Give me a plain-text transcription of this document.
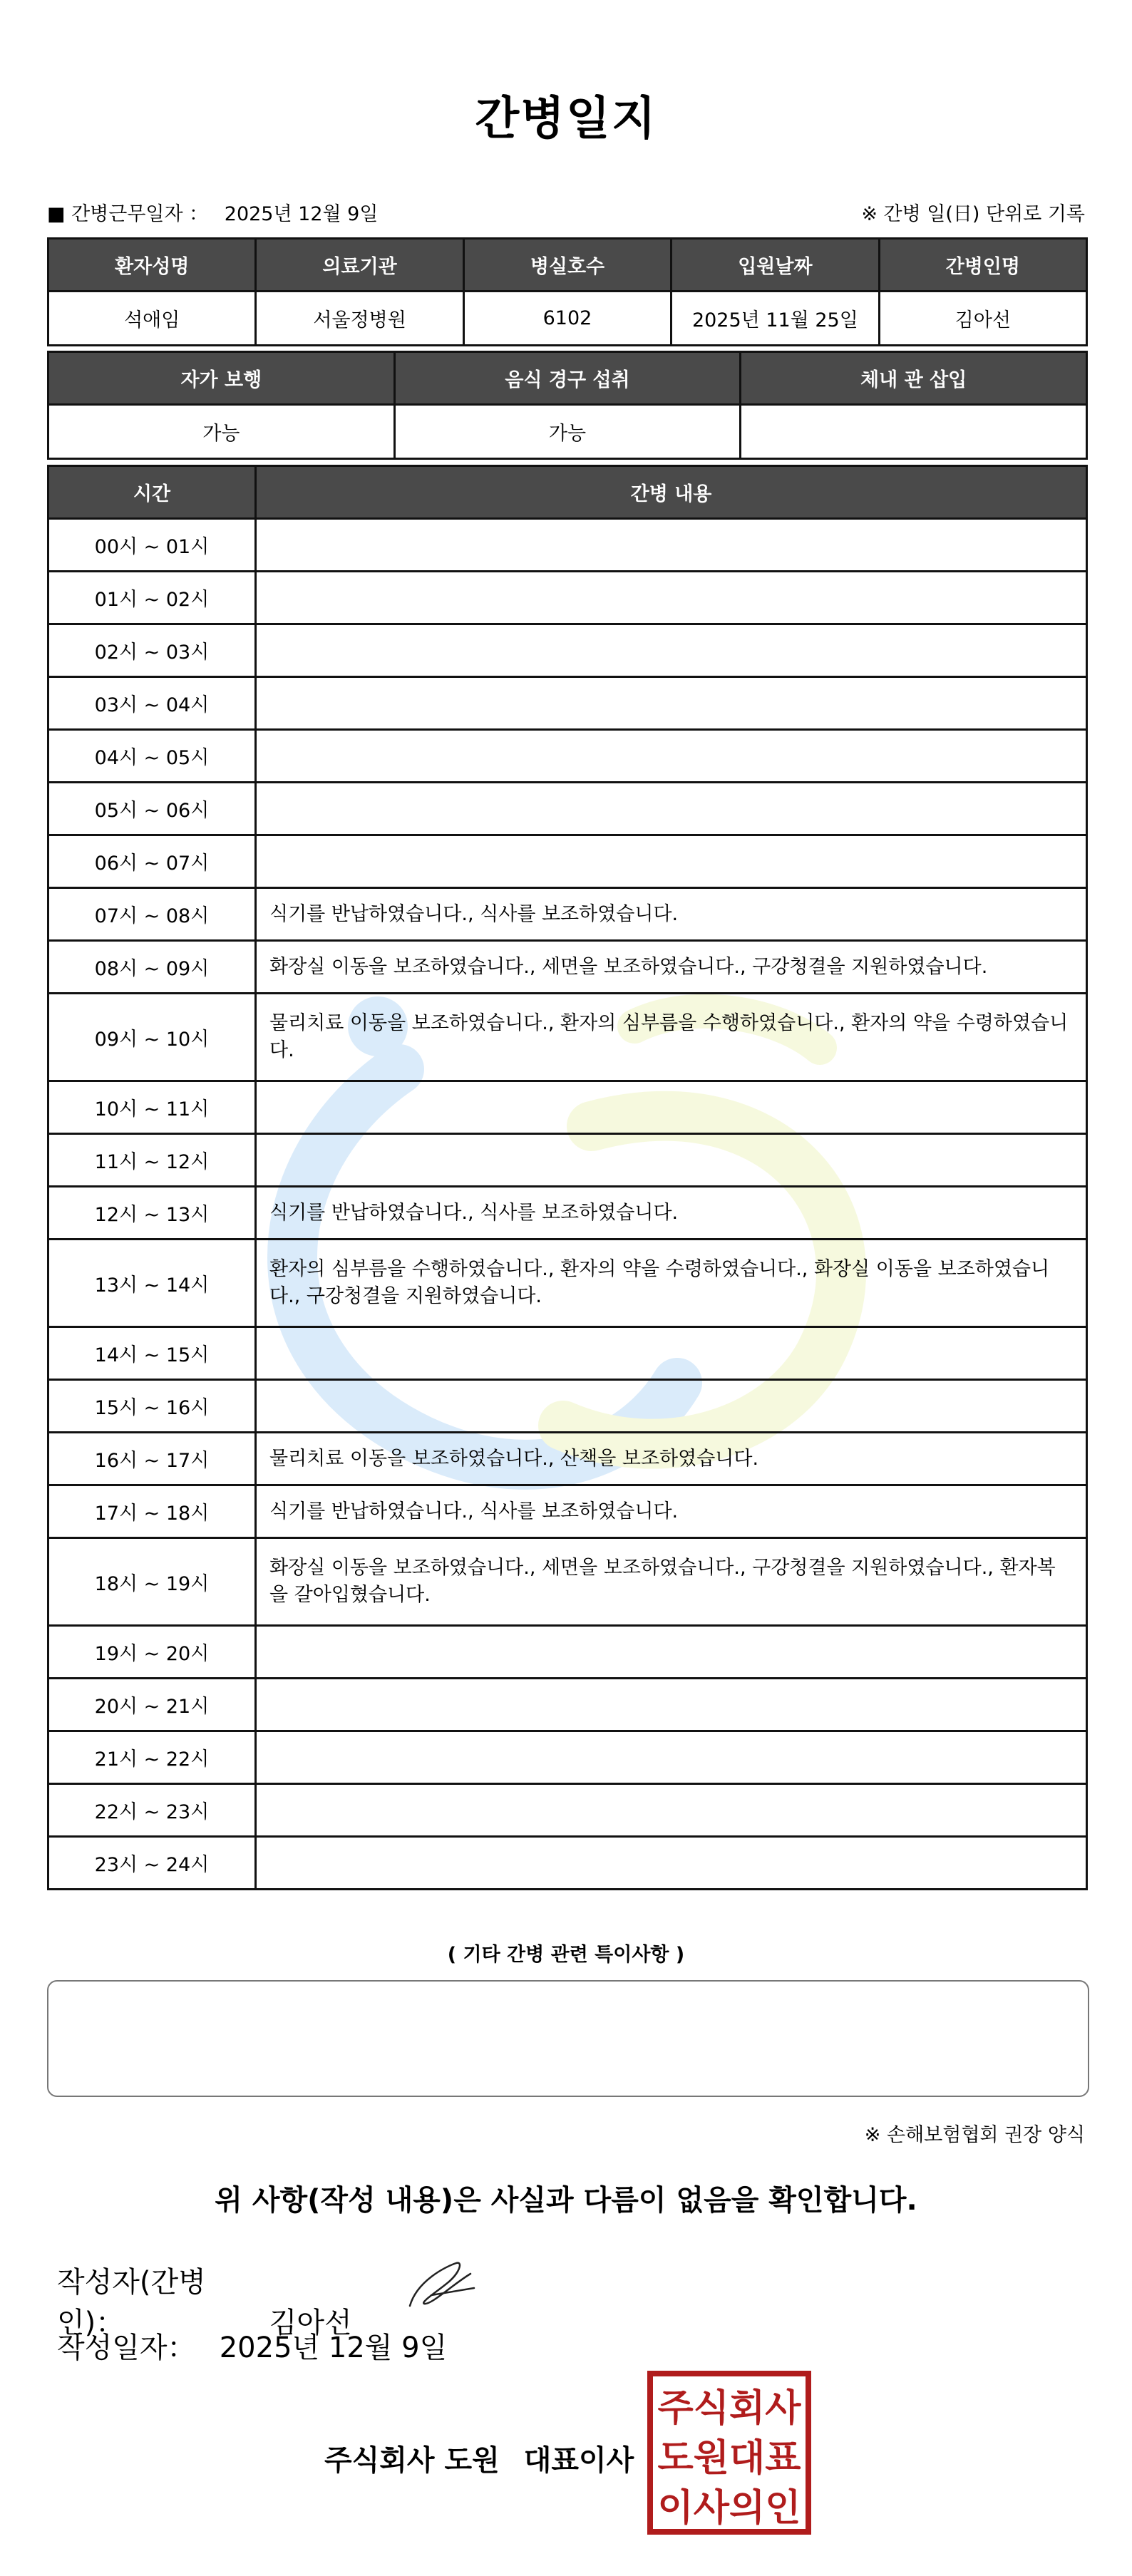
간병일지
■ 간병근무일자 ： 2025년 12월 9일	※ 간병 일(日) 단위로 기록
환자성명	의료기관	병실호수	입원날짜	간병인명
석애임	서울정병원	6102	2025년 11월 25일	김아선
자가 보행	음식 경구 섭취	체내 관 삽입
가능	가능	
시간	간병 내용
00시 ~ 01시	
01시 ~ 02시	
02시 ~ 03시	
03시 ~ 04시	
04시 ~ 05시	
05시 ~ 06시	
06시 ~ 07시	
07시 ~ 08시	식기를 반납하였습니다., 식사를 보조하였습니다.
08시 ~ 09시	화장실 이동을 보조하였습니다., 세면을 보조하였습니다., 구강청결을 지원하였습니다.
09시 ~ 10시	물리치료 이동을 보조하였습니다., 환자의 심부름을 수행하였습니다., 환자의 약을 수령하였습니다.
10시 ~ 11시	
11시 ~ 12시	
12시 ~ 13시	식기를 반납하였습니다., 식사를 보조하였습니다.
13시 ~ 14시	환자의 심부름을 수행하였습니다., 환자의 약을 수령하였습니다., 화장실 이동을 보조하였습니다., 구강청결을 지원하였습니다.
14시 ~ 15시	
15시 ~ 16시	
16시 ~ 17시	물리치료 이동을 보조하였습니다., 산책을 보조하였습니다.
17시 ~ 18시	식기를 반납하였습니다., 식사를 보조하였습니다.
18시 ~ 19시	화장실 이동을 보조하였습니다., 세면을 보조하였습니다., 구강청결을 지원하였습니다., 환자복을 갈아입혔습니다.
19시 ~ 20시	
20시 ~ 21시	
21시 ~ 22시	
22시 ~ 23시	
23시 ~ 24시	
( 기타 간병 관련 특이사항 )
※ 손해보험협회 권장 양식
위 사항(작성 내용)은 사실과 다름이 없음을 확인합니다.
작성자(간병인)：	김아선
작성일자： 2025년 12월 9일
주식회사 도원 대표이사
주식회사
도원대표
이사의인
